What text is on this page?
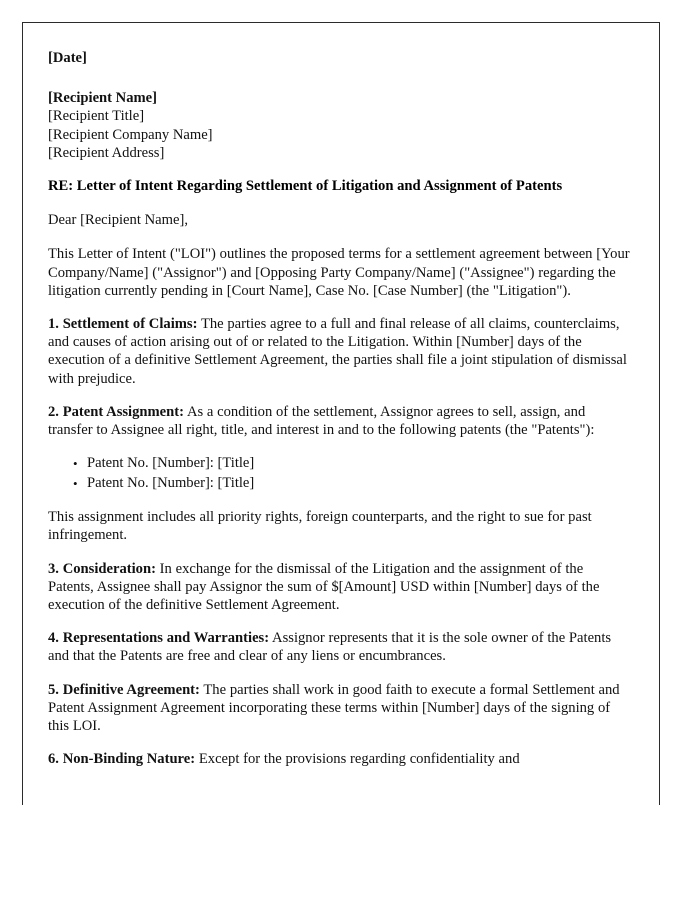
[Date]

[Recipient Name]

[Recipient Title]

[Recipient Company Name]

[Recipient Address]

RE: Letter of Intent Regarding Settlement of Litigation and Assignment of Patents

Dear [Recipient Name],

This Letter of Intent ("LOI") outlines the proposed terms for a settlement agreement between [Your Company/Name] ("Assignor") and [Opposing Party Company/Name] ("Assignee") regarding the litigation currently pending in [Court Name], Case No. [Case Number] (the "Litigation").

1. Settlement of Claims: The parties agree to a full and final release of all claims, counterclaims, and causes of action arising out of or related to the Litigation. Within [Number] days of the execution of a definitive Settlement Agreement, the parties shall file a joint stipulation of dismissal with prejudice.

2. Patent Assignment: As a condition of the settlement, Assignor agrees to sell, assign, and transfer to Assignee all right, title, and interest in and to the following patents (the "Patents"):

• Patent No. [Number]: [Title]
• Patent No. [Number]: [Title]

This assignment includes all priority rights, foreign counterparts, and the right to sue for past infringement.

3. Consideration: In exchange for the dismissal of the Litigation and the assignment of the Patents, Assignee shall pay Assignor the sum of $[Amount] USD within [Number] days of the execution of the definitive Settlement Agreement.

4. Representations and Warranties: Assignor represents that it is the sole owner of the Patents and that the Patents are free and clear of any liens or encumbrances.

5. Definitive Agreement: The parties shall work in good faith to execute a formal Settlement and Patent Assignment Agreement incorporating these terms within [Number] days of the signing of this LOI.

6. Non-Binding Nature: Except for the provisions regarding confidentiality and
